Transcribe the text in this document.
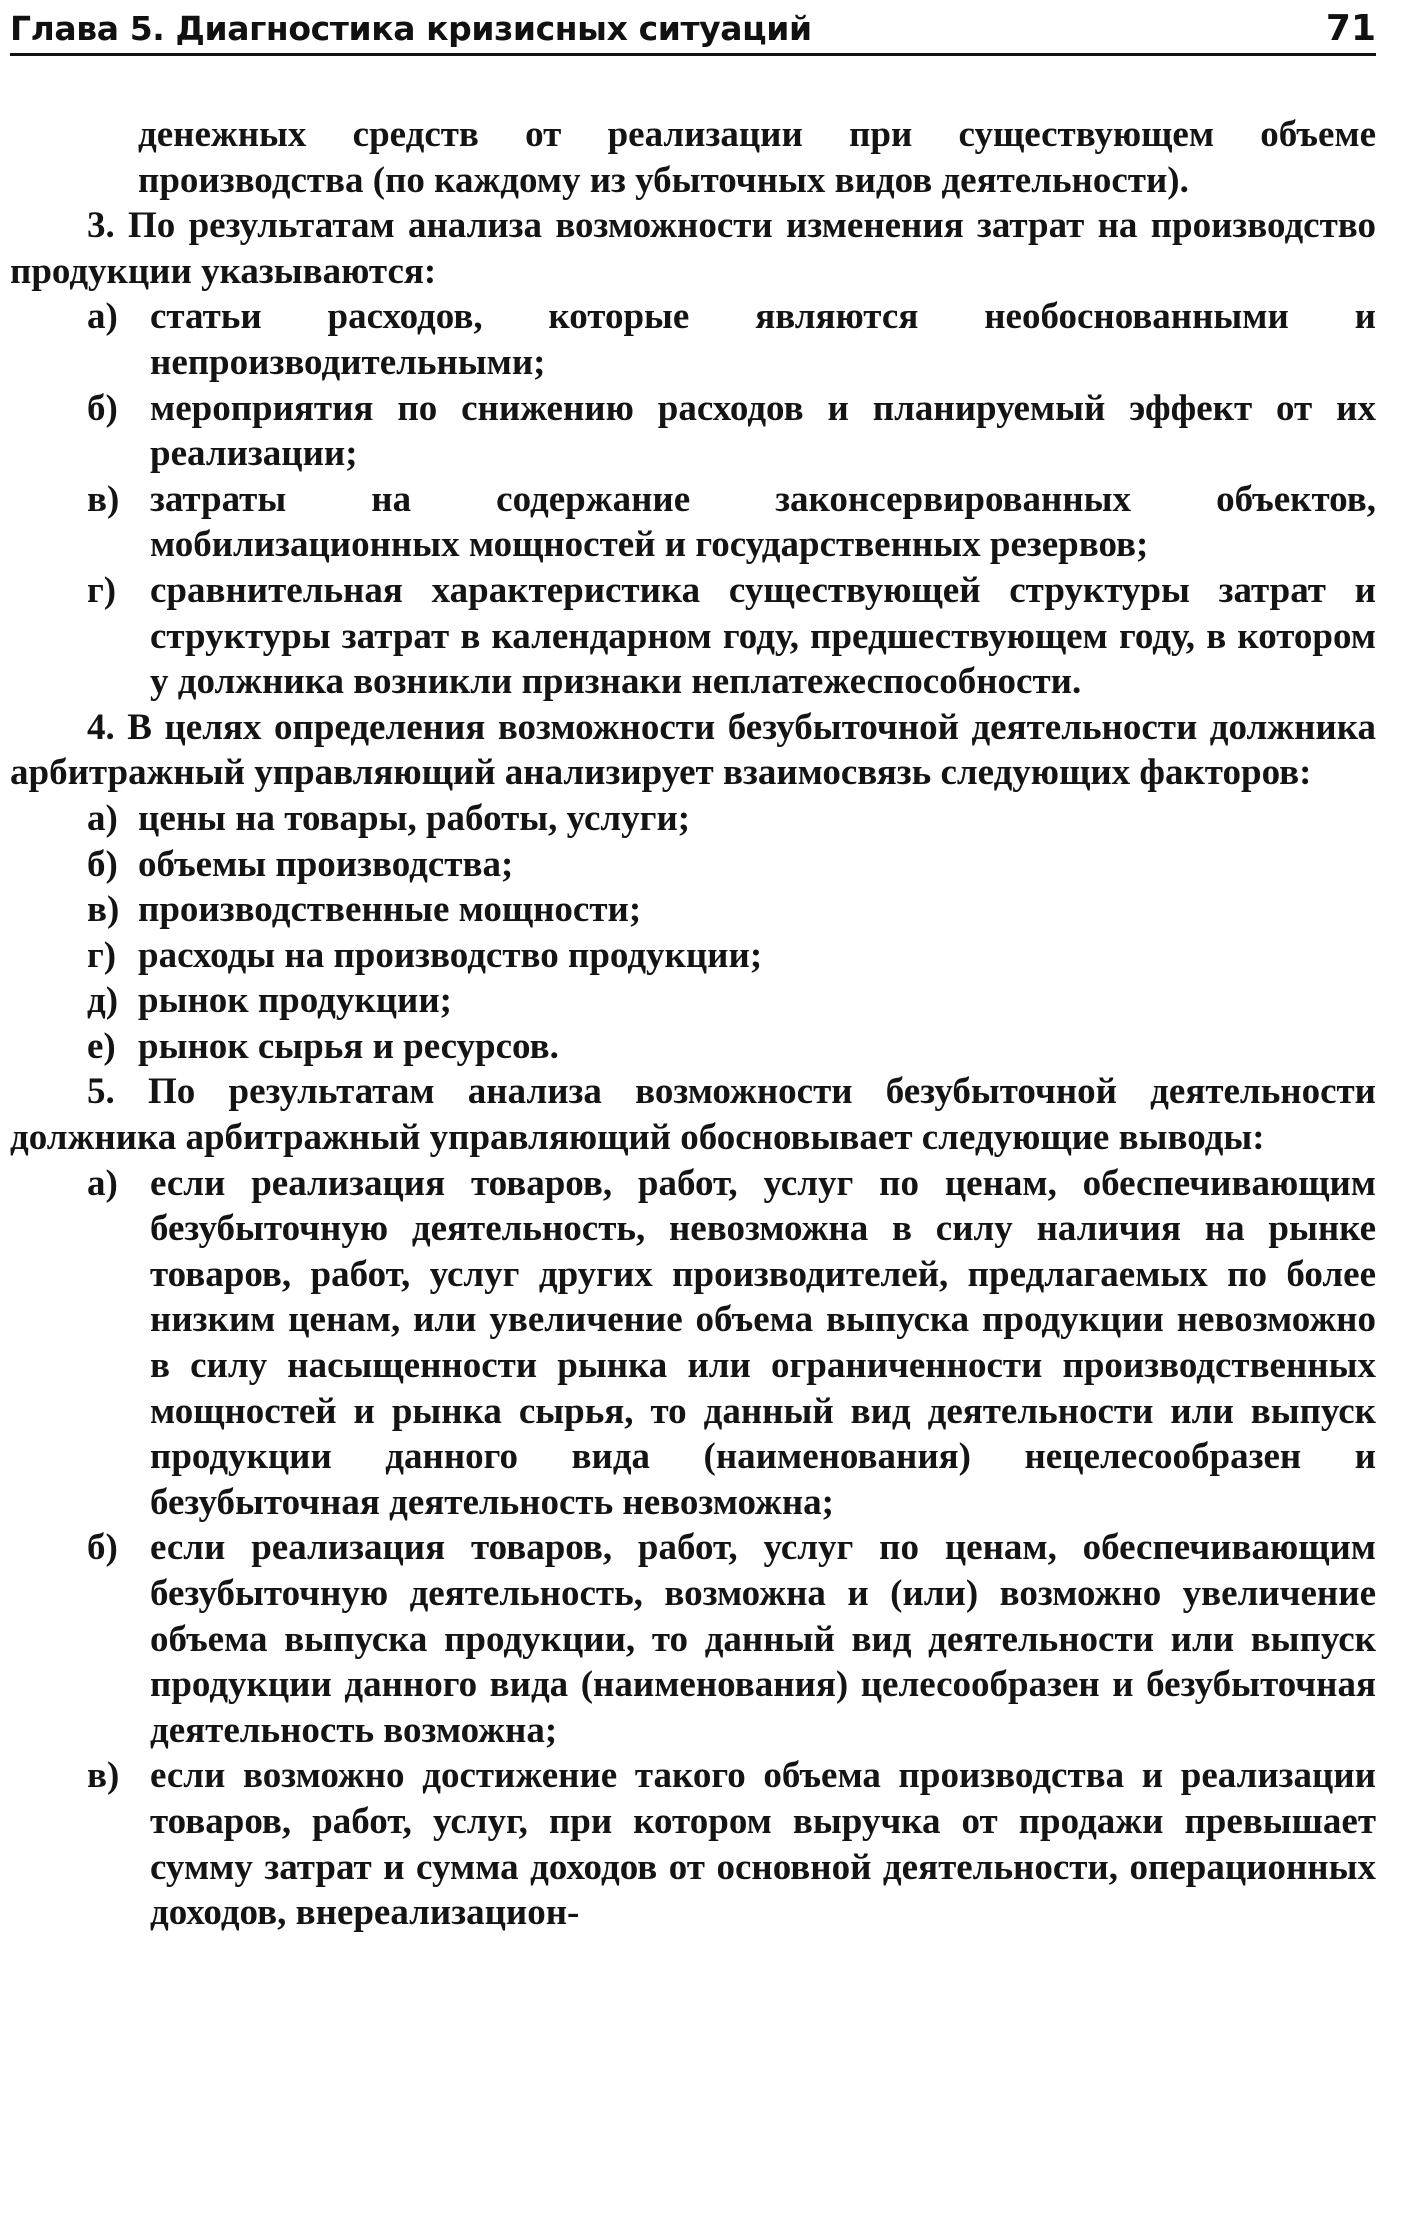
Глава 5. Диагностика кризисных ситуаций	71

денежных средств от реализации при существующем объеме производства (по каждому из убыточных видов деятельности).

3. По результатам анализа возможности изменения затрат на производство продукции указываются:

а) статьи расходов, которые являются необоснованными и непроизводительными;

б) мероприятия по снижению расходов и планируемый эффект от их реализации;

в) затраты на содержание законсервированных объектов, мобилизационных мощностей и государственных резервов;

г) сравнительная характеристика существующей структуры затрат и структуры затрат в календарном году, предшествующем году, в котором у должника возникли признаки неплатежеспособности.

4. В целях определения возможности безубыточной деятельности должника арбитражный управляющий анализирует взаимосвязь следующих факторов:

а) цены на товары, работы, услуги;

б) объемы производства;

в) производственные мощности;

г) расходы на производство продукции;

д) рынок продукции;

е) рынок сырья и ресурсов.

5. По результатам анализа возможности безубыточной деятельности должника арбитражный управляющий обосновывает следующие выводы:

а) если реализация товаров, работ, услуг по ценам, обеспечивающим безубыточную деятельность, невозможна в силу наличия на рынке товаров, работ, услуг других производителей, предлагаемых по более низким ценам, или увеличение объема выпуска продукции невозможно в силу насыщенности рынка или ограниченности производственных мощностей и рынка сырья, то данный вид деятельности или выпуск продукции данного вида (наименования) нецелесообразен и безубыточная деятельность невозможна;

б) если реализация товаров, работ, услуг по ценам, обеспечивающим безубыточную деятельность, возможна и (или) возможно увеличение объема выпуска продукции, то данный вид деятельности или выпуск продукции данного вида (наименования) целесообразен и безубыточная деятельность возможна;

в) если возможно достижение такого объема производства и реализации товаров, работ, услуг, при котором выручка от продажи превышает сумму затрат и сумма доходов от основной деятельности, операционных доходов, внереализацион-
